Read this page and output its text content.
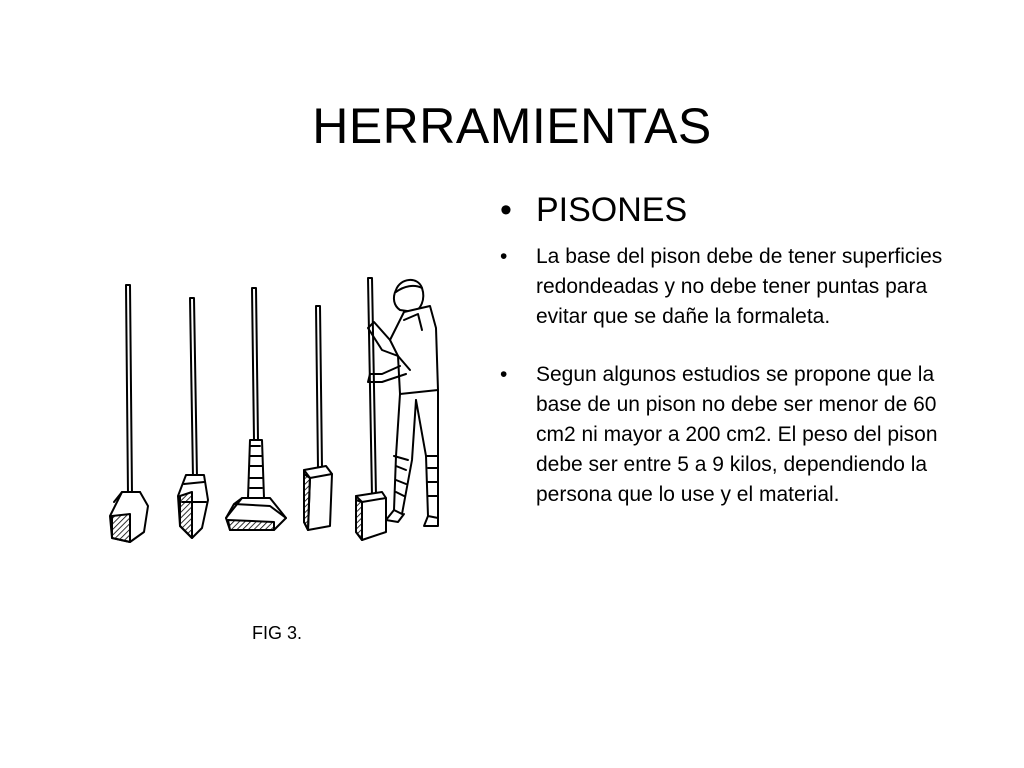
HERRAMIENTAS
• PISONES
• La base del pison debe de tener superficies redondeadas y no debe tener puntas para evitar que se dañe la formaleta.
• Segun algunos estudios se propone que la base de un pison no debe ser menor de 60 cm2 ni mayor a 200 cm2. El peso del pison debe ser entre 5 a 9 kilos, dependiendo la persona que lo use y el material.
FIG 3.
